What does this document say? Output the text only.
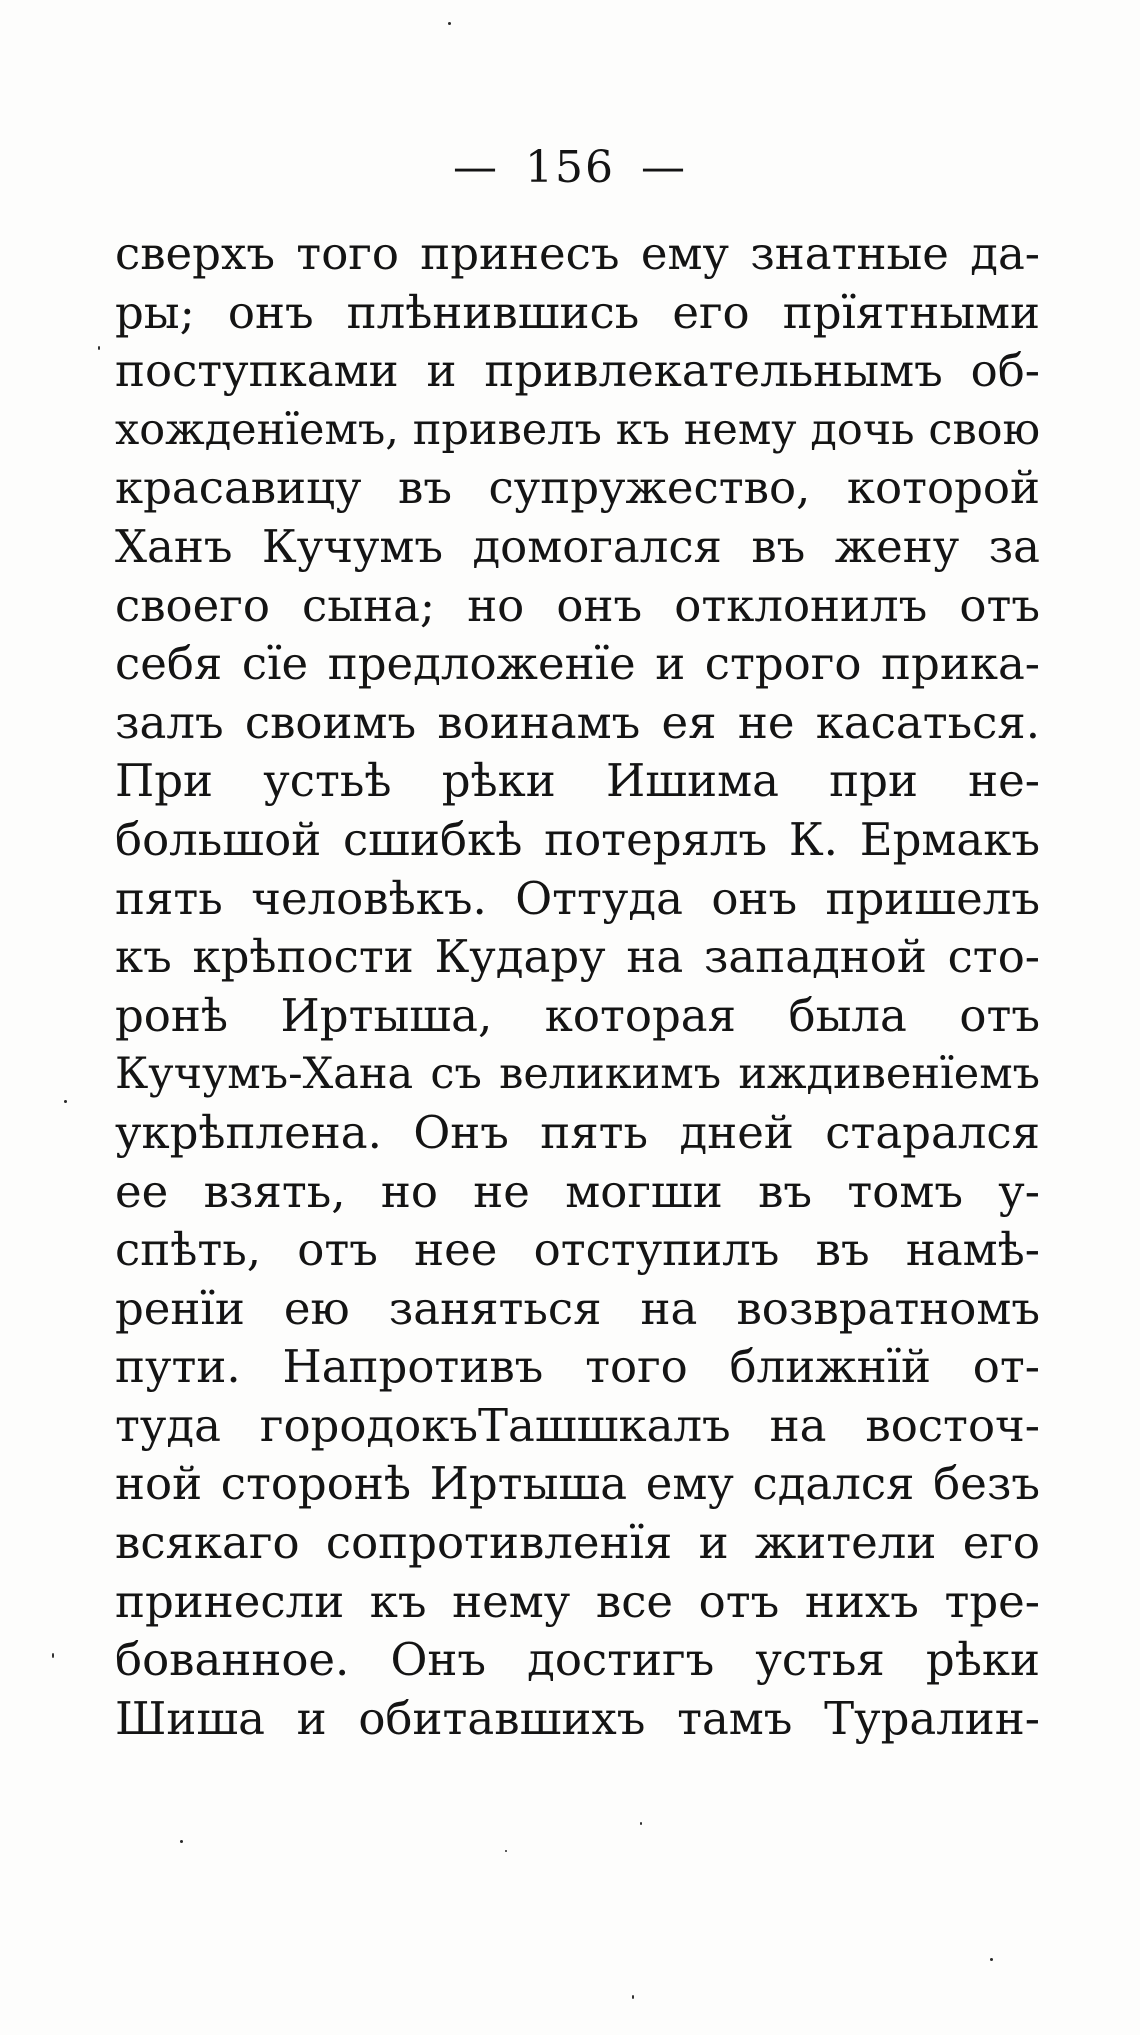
— 156 —
сверхъ того принесъ ему знатные да-
ры; онъ плѣнившись его прїятными
поступками и привлекательнымъ об-
хожденїемъ, привелъ къ нему дочь свою
красавицу въ супружество, которой
Ханъ Кучумъ домогался въ жену за
своего сына; но онъ отклонилъ отъ
себя сїе предложенїе и строго прика-
залъ своимъ воинамъ ея не касаться.
При устьѣ рѣки Ишима при не-
большой сшибкѣ потерялъ К. Ермакъ
пять человѣкъ. Оттуда онъ пришелъ
къ крѣпости Кудару на западной сто-
ронѣ Иртыша, которая была отъ
Кучумъ-Хана съ великимъ иждивенїемъ
укрѣплена. Онъ пять дней старался
ее взять, но не могши въ томъ у-
спѣть, отъ нее отступилъ въ намѣ-
ренїи ею заняться на возвратномъ
пути. Напротивъ того ближнїй от-
туда городокъТашшкалъ на восточ-
ной сторонѣ Иртыша ему сдался безъ
всякаго сопротивленїя и жители его
принесли къ нему все отъ нихъ тре-
бованное. Онъ достигъ устья рѣки
Шиша и обитавшихъ тамъ Туралин-
